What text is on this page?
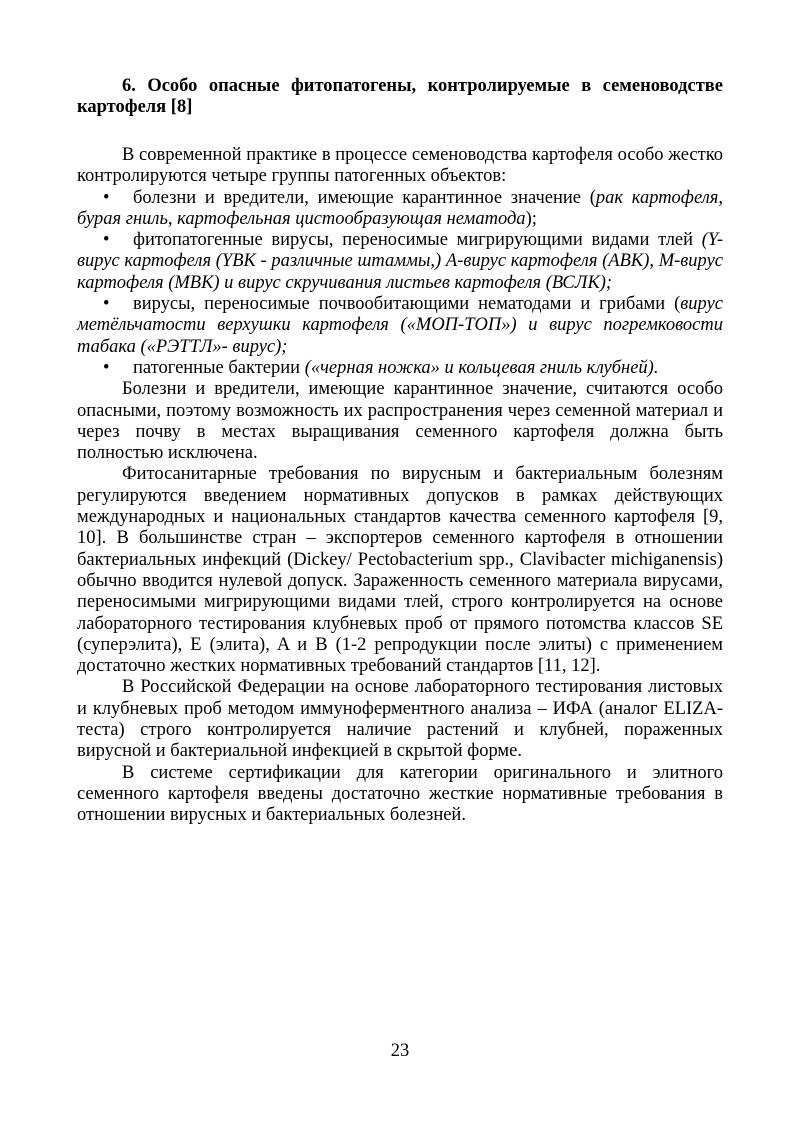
6. Особо опасные фитопатогены, контролируемые в семеноводстве картофеля [8]

В современной практике в процессе семеноводства картофеля особо жестко контролируются четыре группы патогенных объектов:

• болезни и вредители, имеющие карантинное значение (рак картофеля, бурая гниль, картофельная цистообразующая нематода);
• фитопатогенные вирусы, переносимые мигрирующими видами тлей (Y-вирус картофеля (YВК - различные штаммы,) А-вирус картофеля (АВК), М-вирус картофеля (МВК) и вирус скручивания листьев картофеля (ВСЛК);
• вирусы, переносимые почвообитающими нематодами и грибами (вирус метёльчатости верхушки картофеля («МОП-ТОП») и вирус погремковости табака («РЭТТЛ»- вирус);
• патогенные бактерии («черная ножка» и кольцевая гниль клубней).

Болезни и вредители, имеющие карантинное значение, считаются особо опасными, поэтому возможность их распространения через семенной материал и через почву в местах выращивания семенного картофеля должна быть полностью исключена.

Фитосанитарные требования по вирусным и бактериальным болезням регулируются введением нормативных допусков в рамках действующих международных и национальных стандартов качества семенного картофеля [9, 10]. В большинстве стран – экспортеров семенного картофеля в отношении бактериальных инфекций (Dickey/ Pectobacterium spp., Clavibacter michiganensis) обычно вводится нулевой допуск. Зараженность семенного материала вирусами, переносимыми мигрирующими видами тлей, строго контролируется на основе лабораторного тестирования клубневых проб от прямого потомства классов SE (суперэлита), E (элита), A и B (1-2 репродукции после элиты) с применением достаточно жестких нормативных требований стандартов [11, 12].

В Российской Федерации на основе лабораторного тестирования листовых и клубневых проб методом иммуноферментного анализа – ИФА (аналог ELIZA-теста) строго контролируется наличие растений и клубней, пораженных вирусной и бактериальной инфекцией в скрытой форме.

В системе сертификации для категории оригинального и элитного семенного картофеля введены достаточно жесткие нормативные требования в отношении вирусных и бактериальных болезней.

23
